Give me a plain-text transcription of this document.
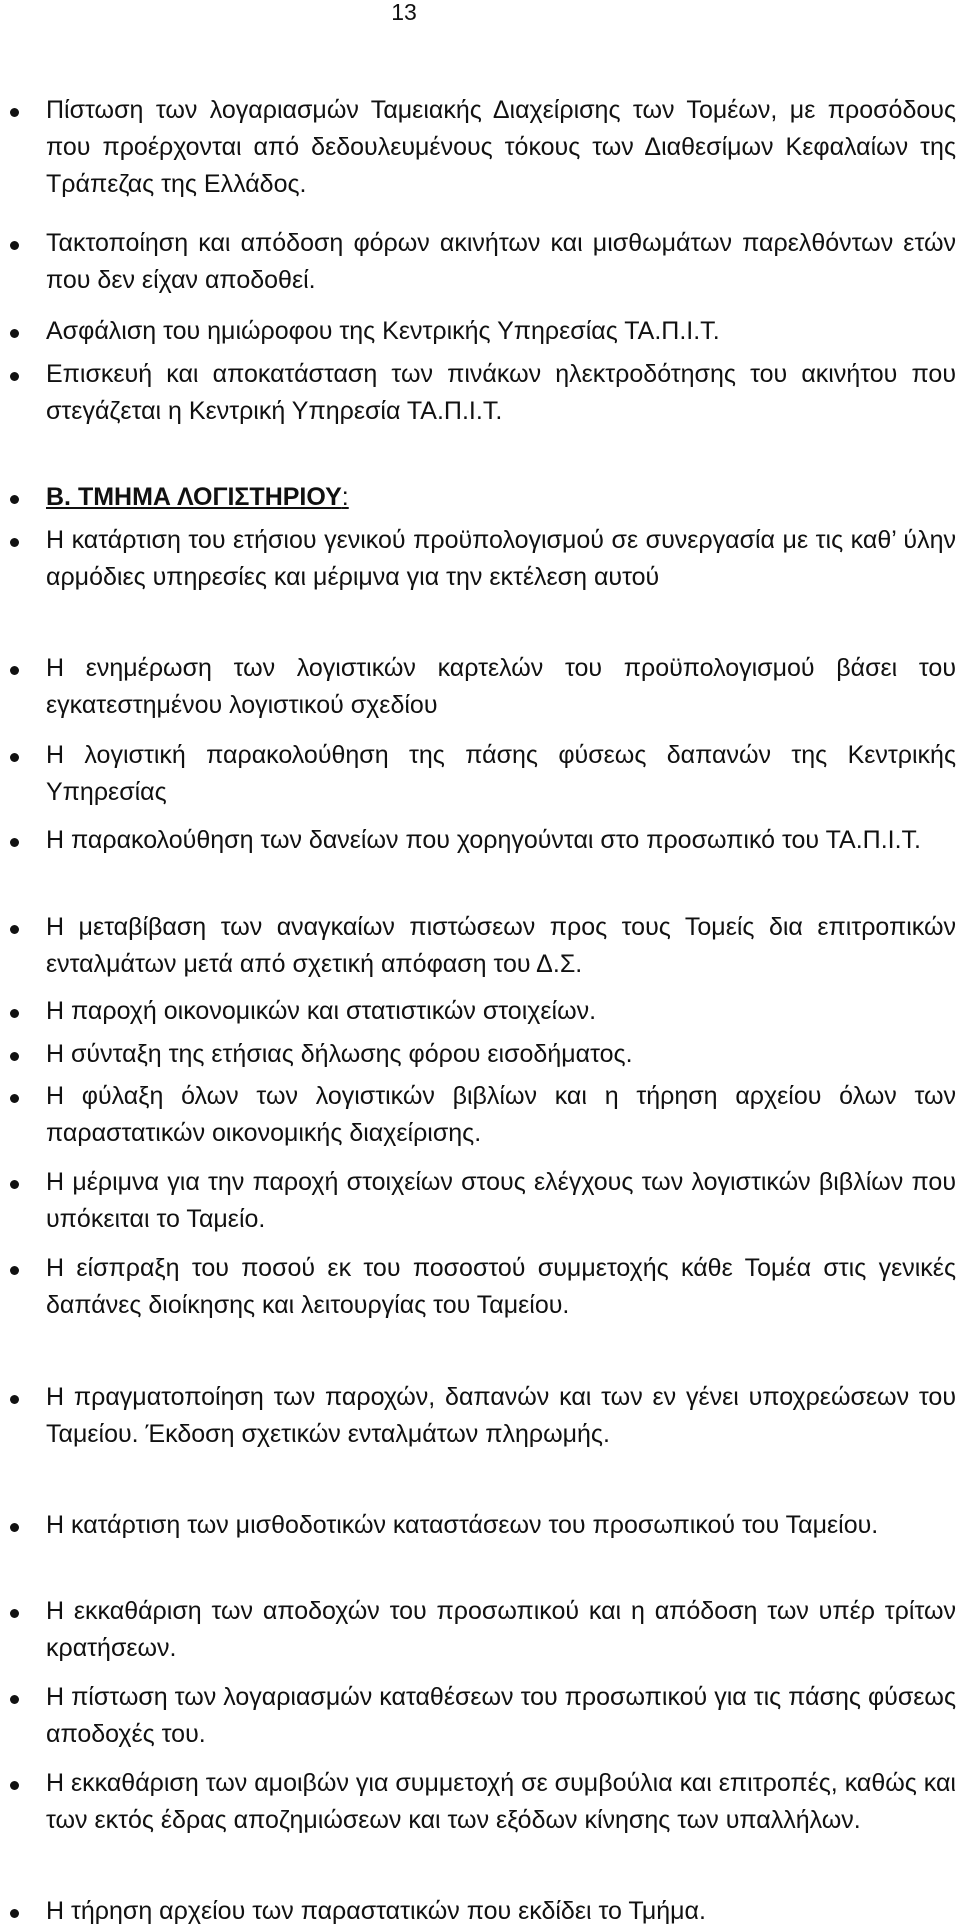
13
Πίστωση των λογαριασμών Ταμειακής Διαχείρισης των Τομέων, με προσόδους που προέρχονται από δεδουλευμένους τόκους των Διαθεσίμων Κεφαλαίων της Τράπεζας της Ελλάδος.
Τακτοποίηση και απόδοση φόρων ακινήτων και μισθωμάτων παρελθόντων ετών που δεν είχαν αποδοθεί.
Ασφάλιση του ημιώροφου της Κεντρικής Υπηρεσίας ΤΑ.Π.Ι.Τ.
Επισκευή και αποκατάσταση των πινάκων ηλεκτροδότησης του ακινήτου που στεγάζεται η Κεντρική Υπηρεσία ΤΑ.Π.Ι.Τ.
Β. ΤΜΗΜΑ ΛΟΓΙΣΤΗΡΙΟΥ:
Η κατάρτιση του ετήσιου γενικού προϋπολογισμού σε συνεργασία με τις καθ’ ύλην αρμόδιες υπηρεσίες και μέριμνα για την εκτέλεση αυτού
Η ενημέρωση των λογιστικών καρτελών του προϋπολογισμού βάσει του εγκατεστημένου λογιστικού σχεδίου
Η λογιστική παρακολούθηση της πάσης φύσεως δαπανών της Κεντρικής Υπηρεσίας
Η παρακολούθηση των δανείων που χορηγούνται στο προσωπικό του ΤΑ.Π.Ι.Τ.
Η μεταβίβαση των αναγκαίων πιστώσεων προς τους Τομείς δια επιτροπικών ενταλμάτων μετά από σχετική απόφαση του Δ.Σ.
Η παροχή οικονομικών και στατιστικών στοιχείων.
Η σύνταξη της ετήσιας δήλωσης φόρου εισοδήματος.
Η φύλαξη όλων των λογιστικών βιβλίων και η τήρηση αρχείου όλων των παραστατικών οικονομικής διαχείρισης.
Η μέριμνα για την παροχή στοιχείων στους ελέγχους των λογιστικών βιβλίων που υπόκειται το Ταμείο.
Η είσπραξη του ποσού εκ του ποσοστού συμμετοχής κάθε Τομέα στις γενικές δαπάνες διοίκησης και λειτουργίας του Ταμείου.
Η πραγματοποίηση των παροχών, δαπανών και των εν γένει υποχρεώσεων του Ταμείου. Έκδοση σχετικών ενταλμάτων πληρωμής.
Η κατάρτιση των μισθοδοτικών καταστάσεων του προσωπικού του Ταμείου.
Η εκκαθάριση των αποδοχών του προσωπικού και η απόδοση των υπέρ τρίτων κρατήσεων.
Η πίστωση των λογαριασμών καταθέσεων του προσωπικού για τις πάσης φύσεως αποδοχές του.
Η εκκαθάριση των αμοιβών για συμμετοχή σε συμβούλια και επιτροπές, καθώς και των εκτός έδρας αποζημιώσεων και των εξόδων κίνησης των υπαλλήλων.
Η τήρηση αρχείου των παραστατικών που εκδίδει το Τμήμα.
